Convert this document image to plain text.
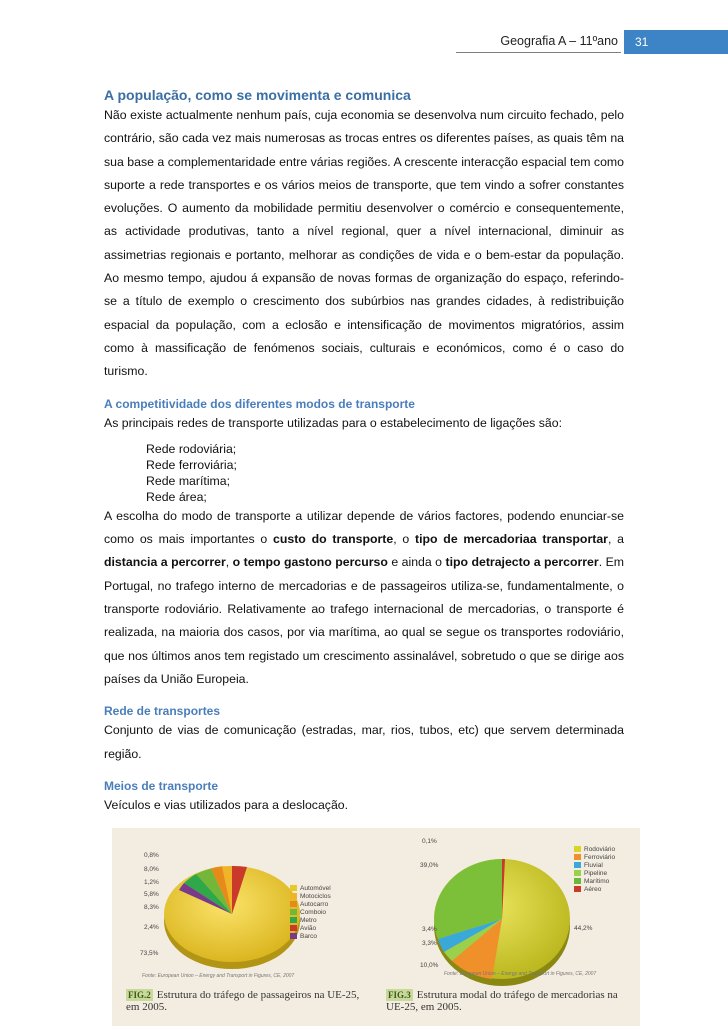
Geografia A – 11ºano	31
A população, como se movimenta e comunica

Não existe actualmente nenhum país, cuja economia se desenvolva num circuito fechado, pelo contrário, são cada vez mais numerosas as trocas entres os diferentes países, as quais têm na sua base a complementaridade entre várias regiões. A crescente interacção espacial tem como suporte a rede transportes e os vários meios de transporte, que tem vindo a sofrer constantes evoluções. O aumento da mobilidade permitiu desenvolver o comércio e consequentemente, as actividade produtivas, tanto a nível regional, quer a nível internacional, diminuir as assimetrias regionais e portanto, melhorar as condições de vida e o bem-estar da população. Ao mesmo tempo, ajudou á expansão de novas formas de organização do espaço, referindo-se a título de exemplo o crescimento dos subúrbios nas grandes cidades, à redistribuição espacial da população, com a eclosão e intensificação de movimentos migratórios, assim como à massificação de fenómenos sociais, culturais e económicos, como é o caso do turismo.

A competitividade dos diferentes modos de transporte

As principais redes de transporte utilizadas para o estabelecimento de ligações são:

Rede rodoviária;
Rede ferroviária;
Rede marítima;
Rede área;

A escolha do modo de transporte a utilizar depende de vários factores, podendo enunciar-se como os mais importantes o custo do transporte, o tipo de mercadoriaa transportar, a distancia a percorrer, o tempo gastono percurso e ainda o tipo detrajecto a percorrer. Em Portugal, no trafego interno de mercadorias e de passageiros utiliza-se, fundamentalmente, o transporte rodoviário. Relativamente ao trafego internacional de mercadorias, o transporte é realizada, na maioria dos casos, por via marítima, ao qual se segue os transportes rodoviário, que nos últimos anos tem registado um crescimento assinalável, sobretudo o que se dirige aos países da União Europeia.

Rede de transportes

Conjunto de vias de comunicação (estradas, mar, rios, tubos, etc) que servem determinada região.

Meios de transporte

Veículos e vias utilizados para a deslocação.

0,8%
8,0%
1,2%
5,8%
8,3%
2,4%
73,5%
Automóvel
Motociclos
Autocarro
Comboio
Metro
Avião
Barco
Fonte: European Union – Energy and Transport in Figures, CE, 2007
FIG.2 Estrutura do tráfego de passageiros na UE-25, em 2005.
0,1%
39,0%
3,4%
3,3%
10,0%
44,2%
Rodoviário
Ferroviário
Fluvial
Pipeline
Marítimo
Aéreo
Fonte: European Union – Energy and Transport in Figures, CE, 2007
FIG.3 Estrutura modal do tráfego de mercadorias na UE-25, em 2005.
